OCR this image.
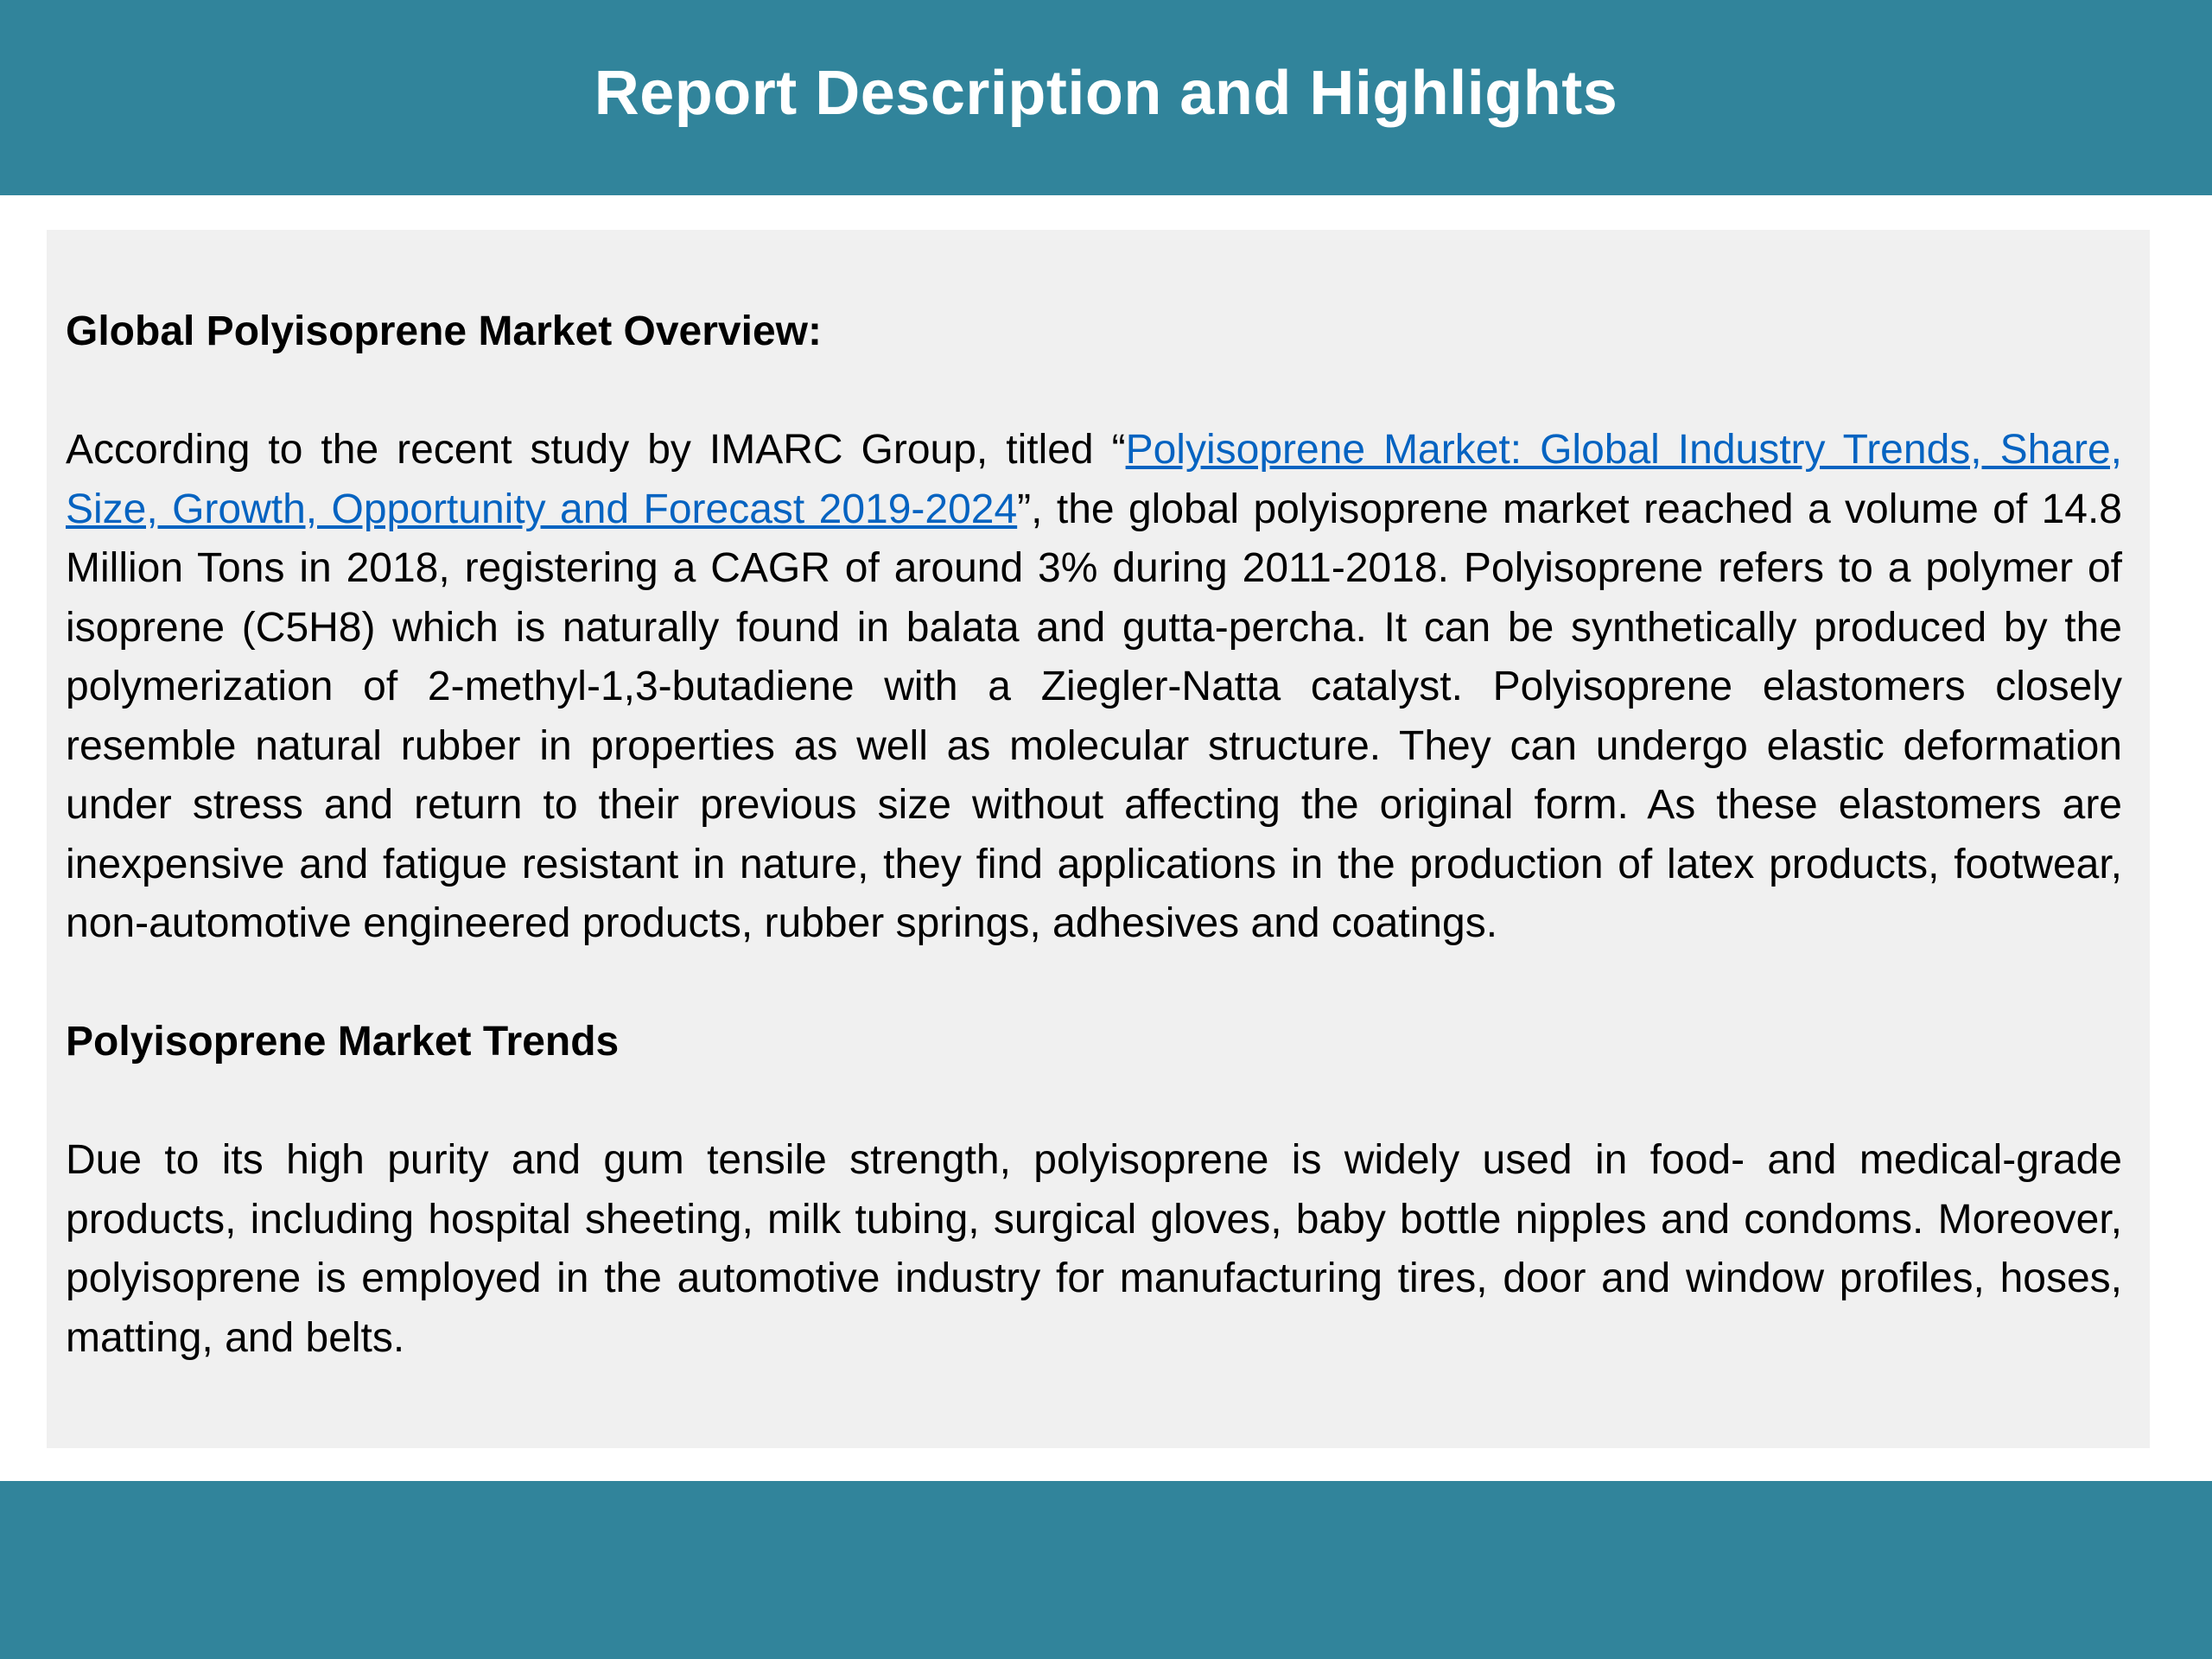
Report Description and Highlights

Global Polyisoprene Market Overview:

According to the recent study by IMARC Group, titled “Polyisoprene Market: Global Industry Trends, Share, Size, Growth, Opportunity and Forecast 2019-2024”, the global polyisoprene market reached a volume of 14.8 Million Tons in 2018, registering a CAGR of around 3% during 2011-2018. Polyisoprene refers to a polymer of isoprene (C5H8) which is naturally found in balata and gutta-percha. It can be synthetically produced by the polymerization of 2-methyl-1,3-butadiene with a Ziegler-Natta catalyst. Polyisoprene elastomers closely resemble natural rubber in properties as well as molecular structure. They can undergo elastic deformation under stress and return to their previous size without affecting the original form. As these elastomers are inexpensive and fatigue resistant in nature, they find applications in the production of latex products, footwear, non-automotive engineered products, rubber springs, adhesives and coatings.

Polyisoprene Market Trends

Due to its high purity and gum tensile strength, polyisoprene is widely used in food- and medical-grade products, including hospital sheeting, milk tubing, surgical gloves, baby bottle nipples and condoms. Moreover, polyisoprene is employed in the automotive industry for manufacturing tires, door and window profiles, hoses, matting, and belts.
